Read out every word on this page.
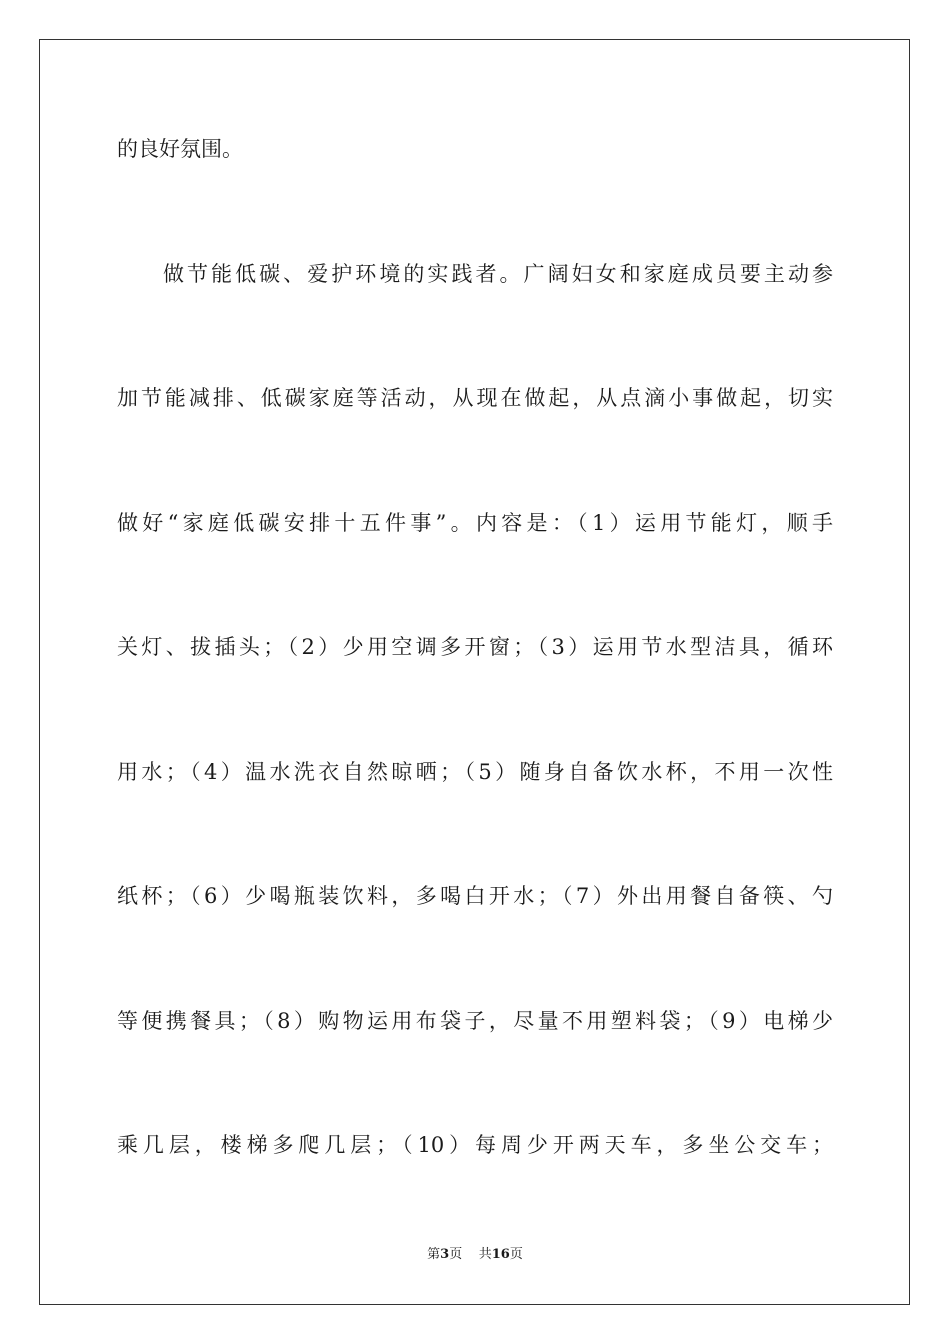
的良好氛围。
做节能低碳、爱护环境的实践者。广阔妇女和家庭成员要主动参
加节能减排、低碳家庭等活动，从现在做起，从点滴小事做起，切实
做好“家庭低碳安排十五件事”。内容是：（1）运用节能灯，顺手
关灯、拔插头；（2）少用空调多开窗；（3）运用节水型洁具，循环
用水；（4）温水洗衣自然晾晒；（5）随身自备饮水杯，不用一次性
纸杯；（6）少喝瓶装饮料，多喝白开水；（7）外出用餐自备筷、勺
等便携餐具；（8）购物运用布袋子，尽量不用塑料袋；（9）电梯少
乘几层，楼梯多爬几层；（10）每周少开两天车，多坐公交车；
第3页 共16页
